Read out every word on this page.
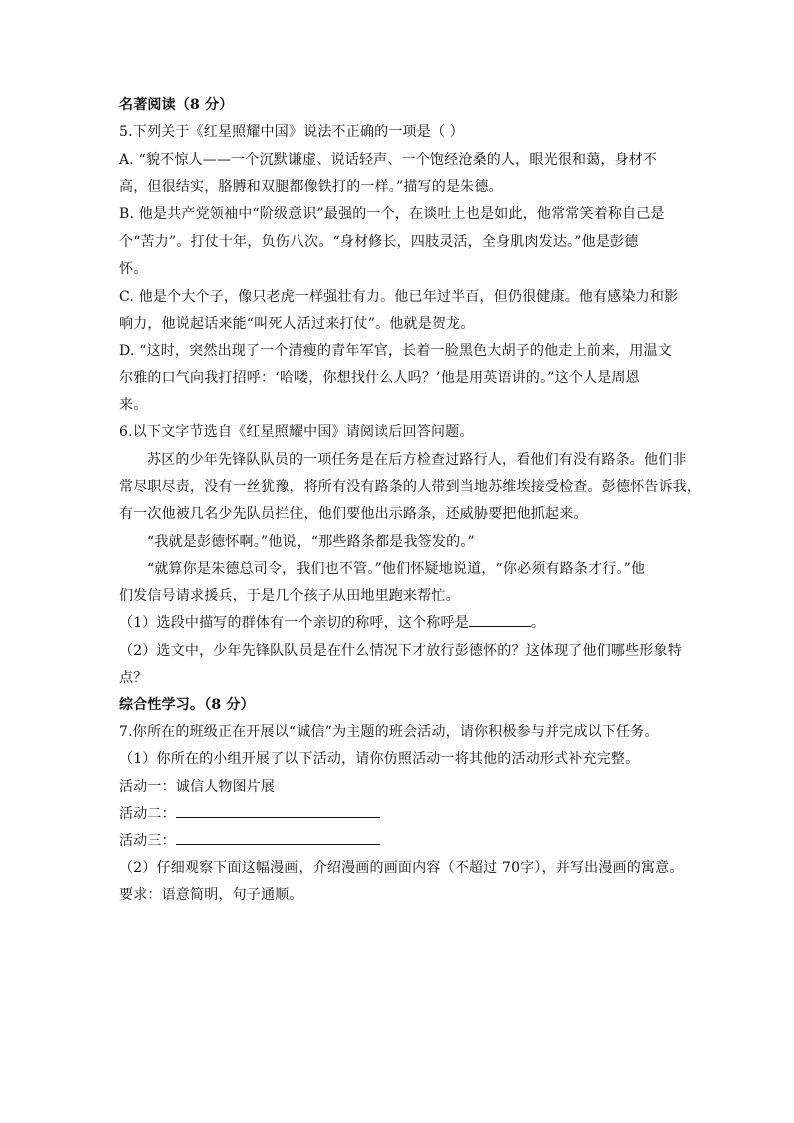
名著阅读（8 分）
5.下列关于《红星照耀中国》说法不正确的一项是（ ）
A. “貌不惊人——一个沉默谦虚、说话轻声、一个饱经沧桑的人，眼光很和蔼，身材不
高，但很结实，胳膊和双腿都像铁打的一样。”描写的是朱德。
B. 他是共产党领袖中“阶级意识”最强的一个，在谈吐上也是如此，他常常笑着称自己是
个“苦力”。打仗十年，负伤八次。“身材修长，四肢灵活，全身肌肉发达。”他是彭德
怀。
C. 他是个大个子，像只老虎一样强壮有力。他已年过半百，但仍很健康。他有感染力和影
响力，他说起话来能“叫死人活过来打仗”。他就是贺龙。
D. “这时，突然出现了一个清瘦的青年军官，长着一脸黑色大胡子的他走上前来，用温文
尔雅的口气向我打招呼：‘哈喽，你想找什么人吗？’他是用英语讲的。”这个人是周恩
来。
6.以下文字节选自《红星照耀中国》请阅读后回答问题。
苏区的少年先锋队队员的一项任务是在后方检查过路行人，看他们有没有路条。他们非
常尽职尽责，没有一丝犹豫，将所有没有路条的人带到当地苏维埃接受检查。彭德怀告诉我，
有一次他被几名少先队员拦住，他们要他出示路条，还威胁要把他抓起来。
“我就是彭德怀啊。”他说，“那些路条都是我签发的。”
“就算你是朱德总司令，我们也不管。”他们怀疑地说道，“你必须有路条才行。”他
们发信号请求援兵，于是几个孩子从田地里跑来帮忙。
（1）选段中描写的群体有一个亲切的称呼，这个称呼是	。
（2）选文中，少年先锋队队员是在什么情况下才放行彭德怀的？这体现了他们哪些形象特
点？
综合性学习。（8 分）
7.你所在的班级正在开展以“诚信”为主题的班会活动，请你积极参与并完成以下任务。
（1）你所在的小组开展了以下活动，请你仿照活动一将其他的活动形式补充完整。
活动一：诚信人物图片展
活动二：
活动三：
（2）仔细观察下面这幅漫画，介绍漫画的画面内容（不超过 70字），并写出漫画的寓意。
要求：语意简明，句子通顺。
